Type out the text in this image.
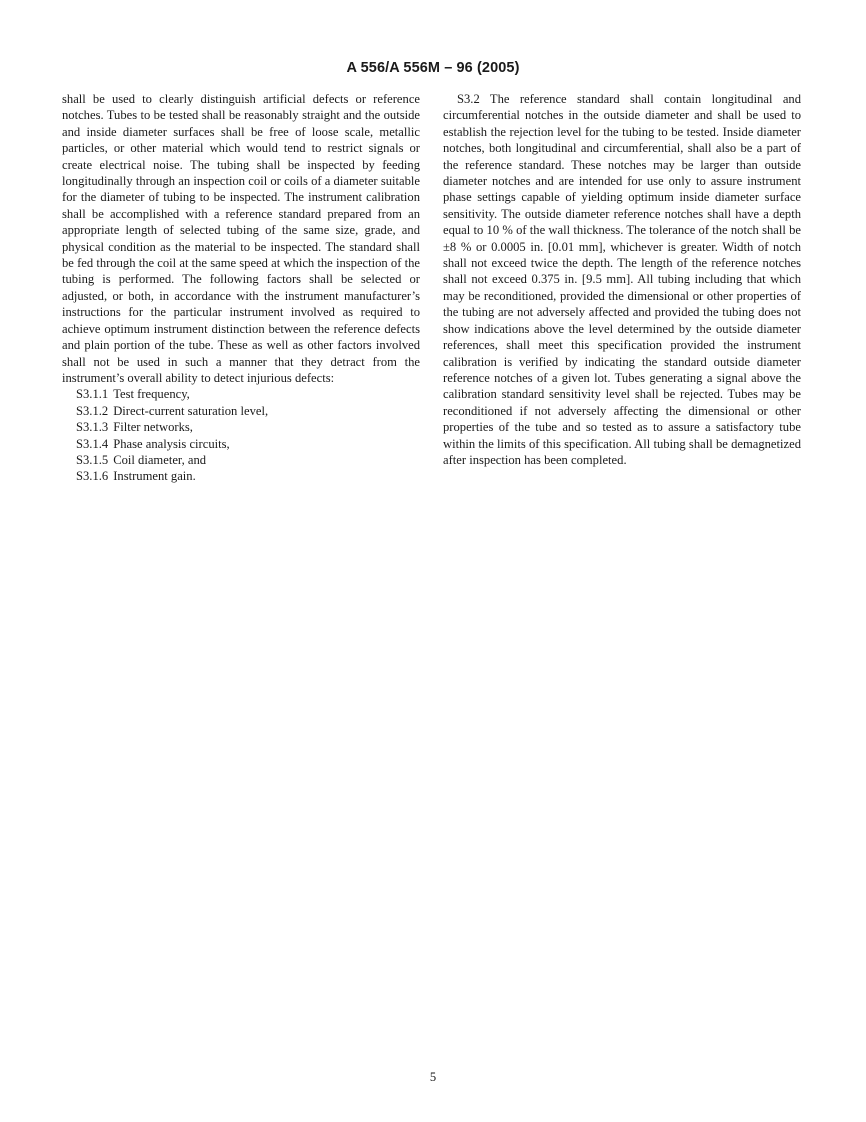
A 556/A 556M – 96 (2005)

shall be used to clearly distinguish artificial defects or reference notches. Tubes to be tested shall be reasonably straight and the outside and inside diameter surfaces shall be free of loose scale, metallic particles, or other material which would tend to restrict signals or create electrical noise. The tubing shall be inspected by feeding longitudinally through an inspection coil or coils of a diameter suitable for the diameter of tubing to be inspected. The instrument calibration shall be accomplished with a reference standard prepared from an appropriate length of selected tubing of the same size, grade, and physical condition as the material to be inspected. The standard shall be fed through the coil at the same speed at which the inspection of the tubing is performed. The following factors shall be selected or adjusted, or both, in accordance with the instrument manufacturer’s instructions for the particular instrument involved as required to achieve optimum instrument distinction between the reference defects and plain portion of the tube. These as well as other factors involved shall not be used in such a manner that they detract from the instrument’s overall ability to detect injurious defects:

S3.1.1 Test frequency,
S3.1.2 Direct-current saturation level,
S3.1.3 Filter networks,
S3.1.4 Phase analysis circuits,
S3.1.5 Coil diameter, and
S3.1.6 Instrument gain.

S3.2 The reference standard shall contain longitudinal and circumferential notches in the outside diameter and shall be used to establish the rejection level for the tubing to be tested. Inside diameter notches, both longitudinal and circumferential, shall also be a part of the reference standard. These notches may be larger than outside diameter notches and are intended for use only to assure instrument phase settings capable of yielding optimum inside diameter surface sensitivity. The outside diameter reference notches shall have a depth equal to 10 % of the wall thickness. The tolerance of the notch shall be ±8 % or 0.0005 in. [0.01 mm], whichever is greater. Width of notch shall not exceed twice the depth. The length of the reference notches shall not exceed 0.375 in. [9.5 mm]. All tubing including that which may be reconditioned, provided the dimensional or other properties of the tubing are not adversely affected and provided the tubing does not show indications above the level determined by the outside diameter references, shall meet this specification provided the instrument calibration is verified by indicating the standard outside diameter reference notches of a given lot. Tubes generating a signal above the calibration standard sensitivity level shall be rejected. Tubes may be reconditioned if not adversely affecting the dimensional or other properties of the tube and so tested as to assure a satisfactory tube within the limits of this specification. All tubing shall be demagnetized after inspection has been completed.

5
